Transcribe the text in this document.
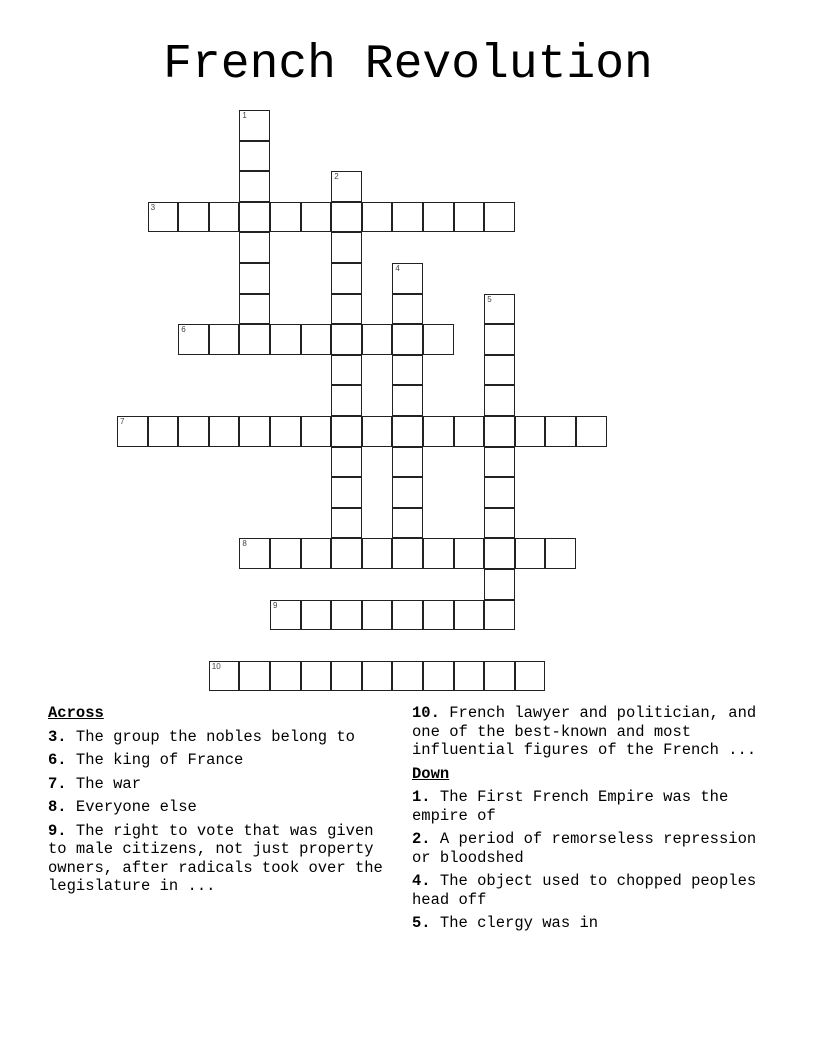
French Revolution
1
2
3
4
5
6
7
8
9
10
Across
3. The group the nobles belong to
6. The king of France
7. The war
8. Everyone else
9. The right to vote that was given to male citizens, not just property owners, after radicals took over the legislature in ...
10. French lawyer and politician, and one of the best-known and most influential figures of the French ...
Down
1. The First French Empire was the empire of
2. A period of remorseless repression or bloodshed
4. The object used to chopped peoples head off
5. The clergy was in
